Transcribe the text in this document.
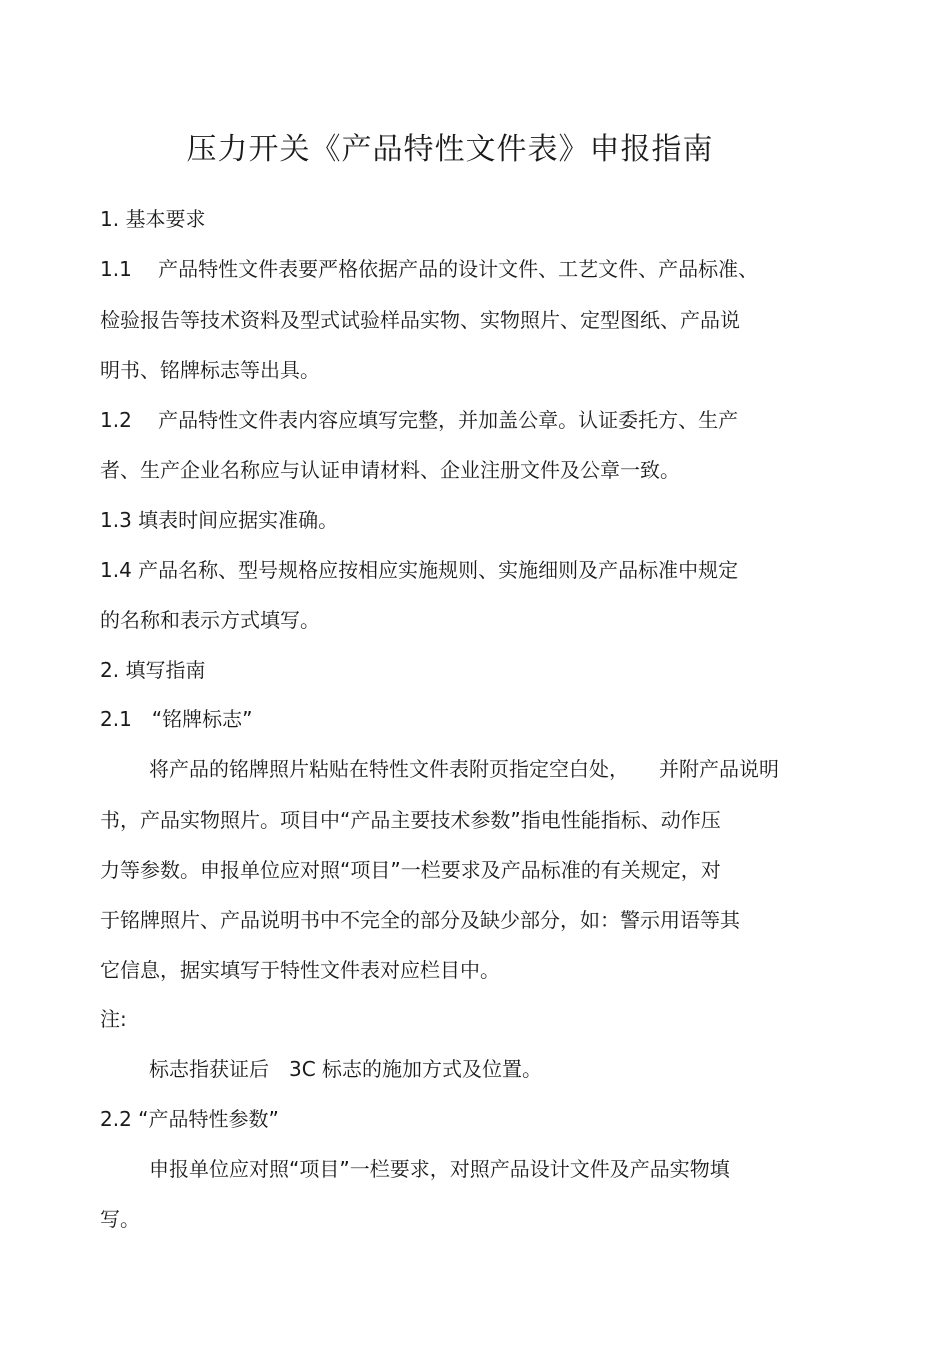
压力开关《产品特性文件表》申报指南
1. 基本要求
1.1　 产品特性文件表要严格依据产品的设计文件、工艺文件、产品标准、
检验报告等技术资料及型式试验样品实物、实物照片、定型图纸、产品说
明书、铭牌标志等出具。
1.2　 产品特性文件表内容应填写完整，并加盖公章。认证委托方、生产
者、生产企业名称应与认证申请材料、企业注册文件及公章一致。
1.3 填表时间应据实准确。
1.4 产品名称、型号规格应按相应实施规则、实施细则及产品标准中规定
的名称和表示方式填写。
2. 填写指南
2.1　“铭牌标志”
将产品的铭牌照片粘贴在特性文件表附页指定空白处，　　并附产品说明
书，产品实物照片。项目中“产品主要技术参数”指电性能指标、动作压
力等参数。申报单位应对照“项目”一栏要求及产品标准的有关规定，对
于铭牌照片、产品说明书中不完全的部分及缺少部分，如：警示用语等其
它信息，据实填写于特性文件表对应栏目中。
注:
标志指获证后　3C 标志的施加方式及位置。
2.2 “产品特性参数”
申报单位应对照“项目”一栏要求，对照产品设计文件及产品实物填
写。
